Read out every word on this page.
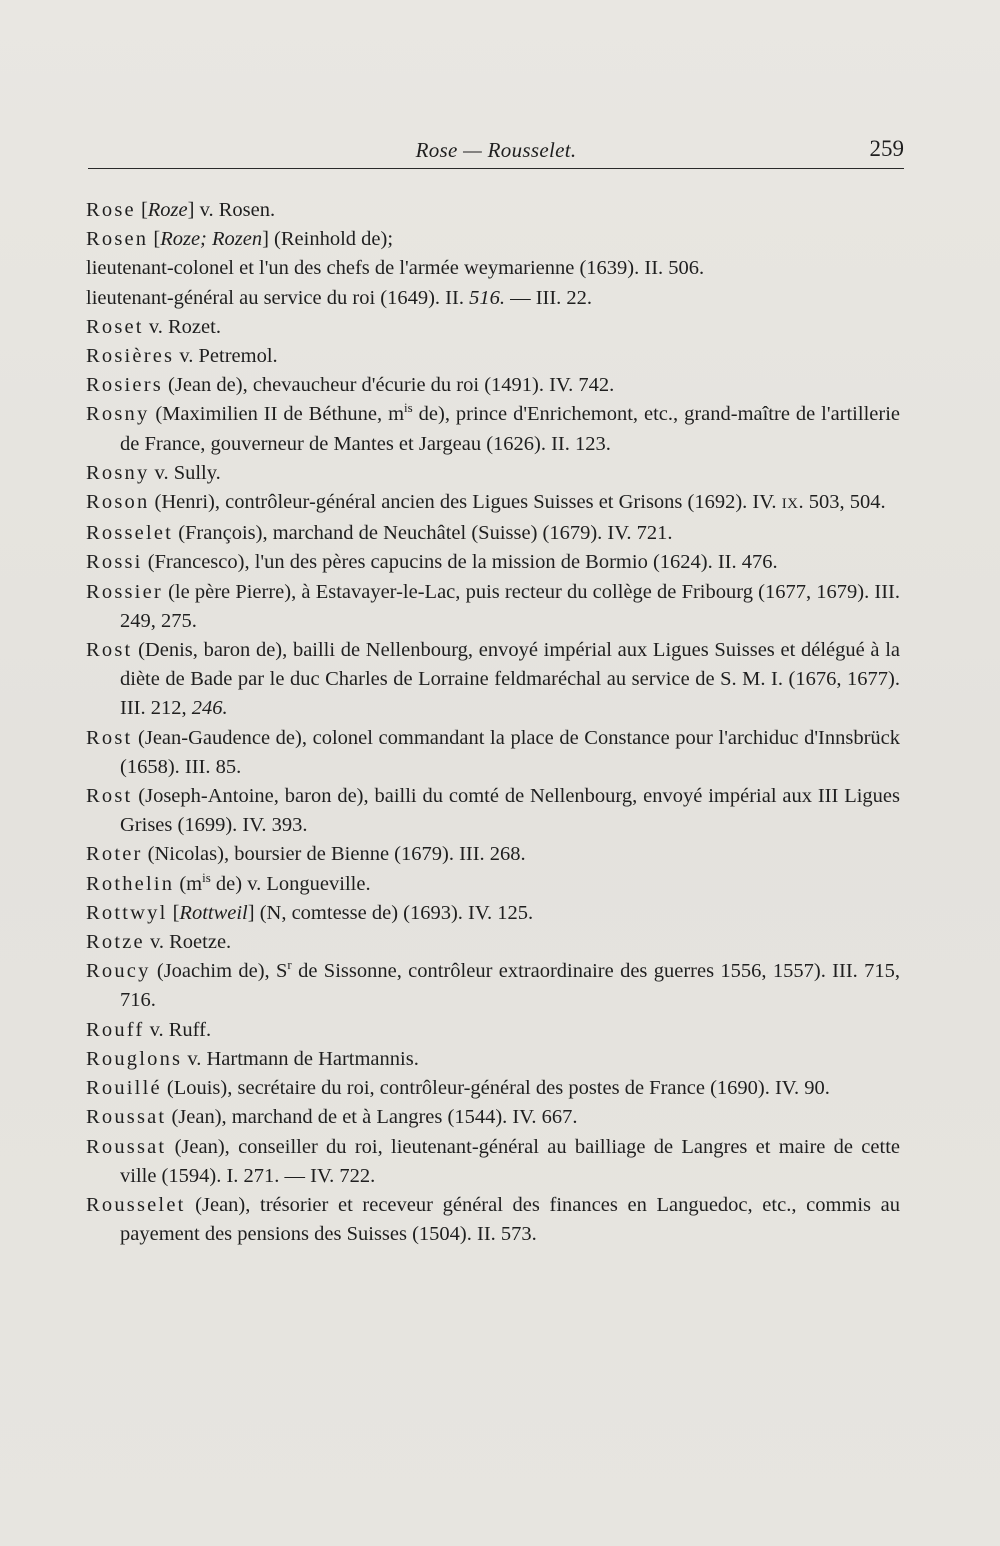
Rose — Rousselet.	259

Rose [Roze] v. Rosen.

Rosen [Roze; Rozen] (Reinhold de);

lieutenant-colonel et l'un des chefs de l'armée weymarienne (1639). II. 506.

lieutenant-général au service du roi (1649). II. 516. — III. 22.

Roset v. Rozet.

Rosières v. Petremol.

Rosiers (Jean de), chevaucheur d'écurie du roi (1491). IV. 742.

Rosny (Maximilien II de Béthune, $m^{is}$ de), prince d'Enrichemont, etc., grand-maître de l'artillerie de France, gouverneur de Mantes et Jargeau (1626). II. 123.

Rosny v. Sully.

Roson (Henri), contrôleur-général ancien des Ligues Suisses et Grisons (1692). IV. IX. 503, 504.

Rosselet (François), marchand de Neuchâtel (Suisse) (1679). IV. 721.

Rossi (Francesco), l'un des pères capucins de la mission de Bormio (1624). II. 476.

Rossier (le père Pierre), à Estavayer-le-Lac, puis recteur du collège de Fribourg (1677, 1679). III. 249, 275.

Rost (Denis, baron de), bailli de Nellenbourg, envoyé impérial aux Ligues Suisses et délégué à la diète de Bade par le duc Charles de Lorraine feldmaréchal au service de S. M. I. (1676, 1677). III. 212, 246.

Rost (Jean-Gaudence de), colonel commandant la place de Constance pour l'archiduc d'Innsbrück (1658). III. 85.

Rost (Joseph-Antoine, baron de), bailli du comté de Nellenbourg, envoyé impérial aux III Ligues Grises (1699). IV. 393.

Roter (Nicolas), boursier de Bienne (1679). III. 268.

Rothelin ($m^{is}$ de) v. Longueville.

Rottwyl [Rottweil] (N, comtesse de) (1693). IV. 125.

Rotze v. Roetze.

Roucy (Joachim de), $S^r$ de Sissonne, contrôleur extraordinaire des guerres 1556, 1557). III. 715, 716.

Rouff v. Ruff.

Rouglons v. Hartmann de Hartmannis.

Rouillé (Louis), secrétaire du roi, contrôleur-général des postes de France (1690). IV. 90.

Roussat (Jean), marchand de et à Langres (1544). IV. 667.

Roussat (Jean), conseiller du roi, lieutenant-général au bailliage de Langres et maire de cette ville (1594). I. 271. — IV. 722.

Rousselet (Jean), trésorier et receveur général des finances en Languedoc, etc., commis au payement des pensions des Suisses (1504). II. 573.
